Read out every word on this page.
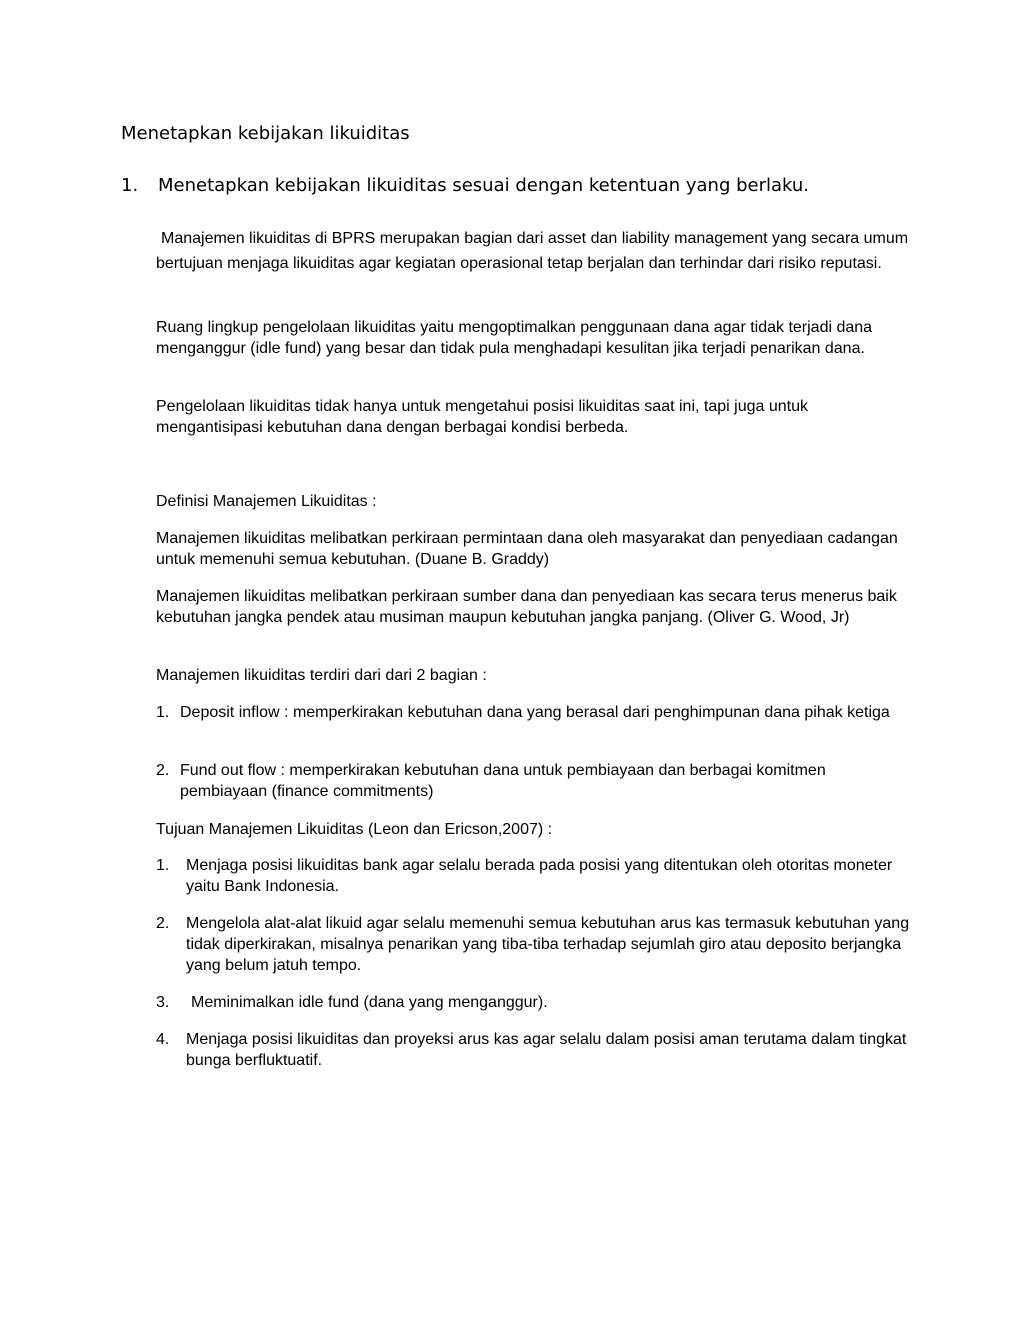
Menetapkan kebijakan likuiditas
1. Menetapkan kebijakan likuiditas sesuai dengan ketentuan yang berlaku.

Manajemen likuiditas di BPRS merupakan bagian dari asset dan liability management yang secara umum bertujuan menjaga likuiditas agar kegiatan operasional tetap berjalan dan terhindar dari risiko reputasi.

Ruang lingkup pengelolaan likuiditas yaitu mengoptimalkan penggunaan dana agar tidak terjadi dana menganggur (idle fund) yang besar dan tidak pula menghadapi kesulitan jika terjadi penarikan dana.

Pengelolaan likuiditas tidak hanya untuk mengetahui posisi likuiditas saat ini, tapi juga untuk mengantisipasi kebutuhan dana dengan berbagai kondisi berbeda.

Definisi Manajemen Likuiditas :

Manajemen likuiditas melibatkan perkiraan permintaan dana oleh masyarakat dan penyediaan cadangan untuk memenuhi semua kebutuhan. (Duane B. Graddy)

Manajemen likuiditas melibatkan perkiraan sumber dana dan penyediaan kas secara terus menerus baik kebutuhan jangka pendek atau musiman maupun kebutuhan jangka panjang. (Oliver G. Wood, Jr)

Manajemen likuiditas terdiri dari dari 2 bagian :

1. Deposit inflow : memperkirakan kebutuhan dana yang berasal dari penghimpunan dana pihak ketiga
2. Fund out flow : memperkirakan kebutuhan dana untuk pembiayaan dan berbagai komitmen pembiayaan (finance commitments)

Tujuan Manajemen Likuiditas (Leon dan Ericson,2007) :

1. Menjaga posisi likuiditas bank agar selalu berada pada posisi yang ditentukan oleh otoritas moneter yaitu Bank Indonesia.
2. Mengelola alat-alat likuid agar selalu memenuhi semua kebutuhan arus kas termasuk kebutuhan yang tidak diperkirakan, misalnya penarikan yang tiba-tiba terhadap sejumlah giro atau deposito berjangka yang belum jatuh tempo.
3. Meminimalkan idle fund (dana yang menganggur).
4. Menjaga posisi likuiditas dan proyeksi arus kas agar selalu dalam posisi aman terutama dalam tingkat bunga berfluktuatif.
